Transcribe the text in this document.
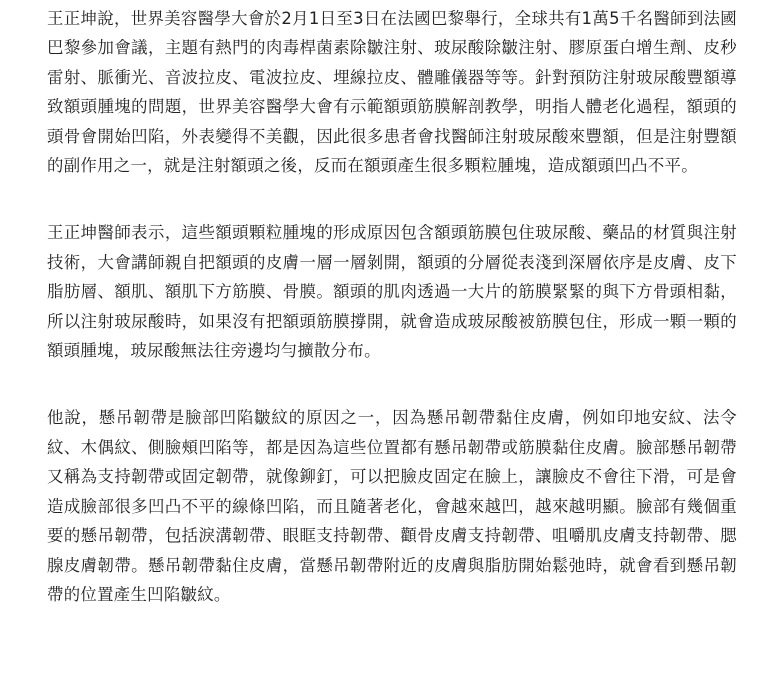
王正坤說，世界美容醫學大會於2月1日至3日在法國巴黎舉行，全球共有1萬5千名醫師到法國巴黎參加會議，主題有熱門的肉毒桿菌素除皺注射、玻尿酸除皺注射、膠原蛋白增生劑、皮秒雷射、脈衝光、音波拉皮、電波拉皮、埋線拉皮、體雕儀器等等。針對預防注射玻尿酸豐額導致額頭腫塊的問題，世界美容醫學大會有示範額頭筋膜解剖教學，明指人體老化過程，額頭的頭骨會開始凹陷，外表變得不美觀，因此很多患者會找醫師注射玻尿酸來豐額，但是注射豐額的副作用之一，就是注射額頭之後，反而在額頭產生很多顆粒腫塊，造成額頭凹凸不平。

王正坤醫師表示，這些額頭顆粒腫塊的形成原因包含額頭筋膜包住玻尿酸、藥品的材質與注射技術，大會講師親自把額頭的皮膚一層一層剝開，額頭的分層從表淺到深層依序是皮膚、皮下脂肪層、額肌、額肌下方筋膜、骨膜。額頭的肌肉透過一大片的筋膜緊緊的與下方骨頭相黏，所以注射玻尿酸時，如果沒有把額頭筋膜撐開，就會造成玻尿酸被筋膜包住，形成一顆一顆的額頭腫塊，玻尿酸無法往旁邊均勻擴散分布。

他說，懸吊韌帶是臉部凹陷皺紋的原因之一，因為懸吊韌帶黏住皮膚，例如印地安紋、法令紋、木偶紋、側臉頰凹陷等，都是因為這些位置都有懸吊韌帶或筋膜黏住皮膚。臉部懸吊韌帶又稱為支持韌帶或固定韌帶，就像鉚釘，可以把臉皮固定在臉上，讓臉皮不會往下滑，可是會造成臉部很多凹凸不平的線條凹陷，而且隨著老化，會越來越凹，越來越明顯。臉部有幾個重要的懸吊韌帶，包括淚溝韌帶、眼眶支持韌帶、顴骨皮膚支持韌帶、咀嚼肌皮膚支持韌帶、腮腺皮膚韌帶。懸吊韌帶黏住皮膚，當懸吊韌帶附近的皮膚與脂肪開始鬆弛時，就會看到懸吊韌帶的位置產生凹陷皺紋。
